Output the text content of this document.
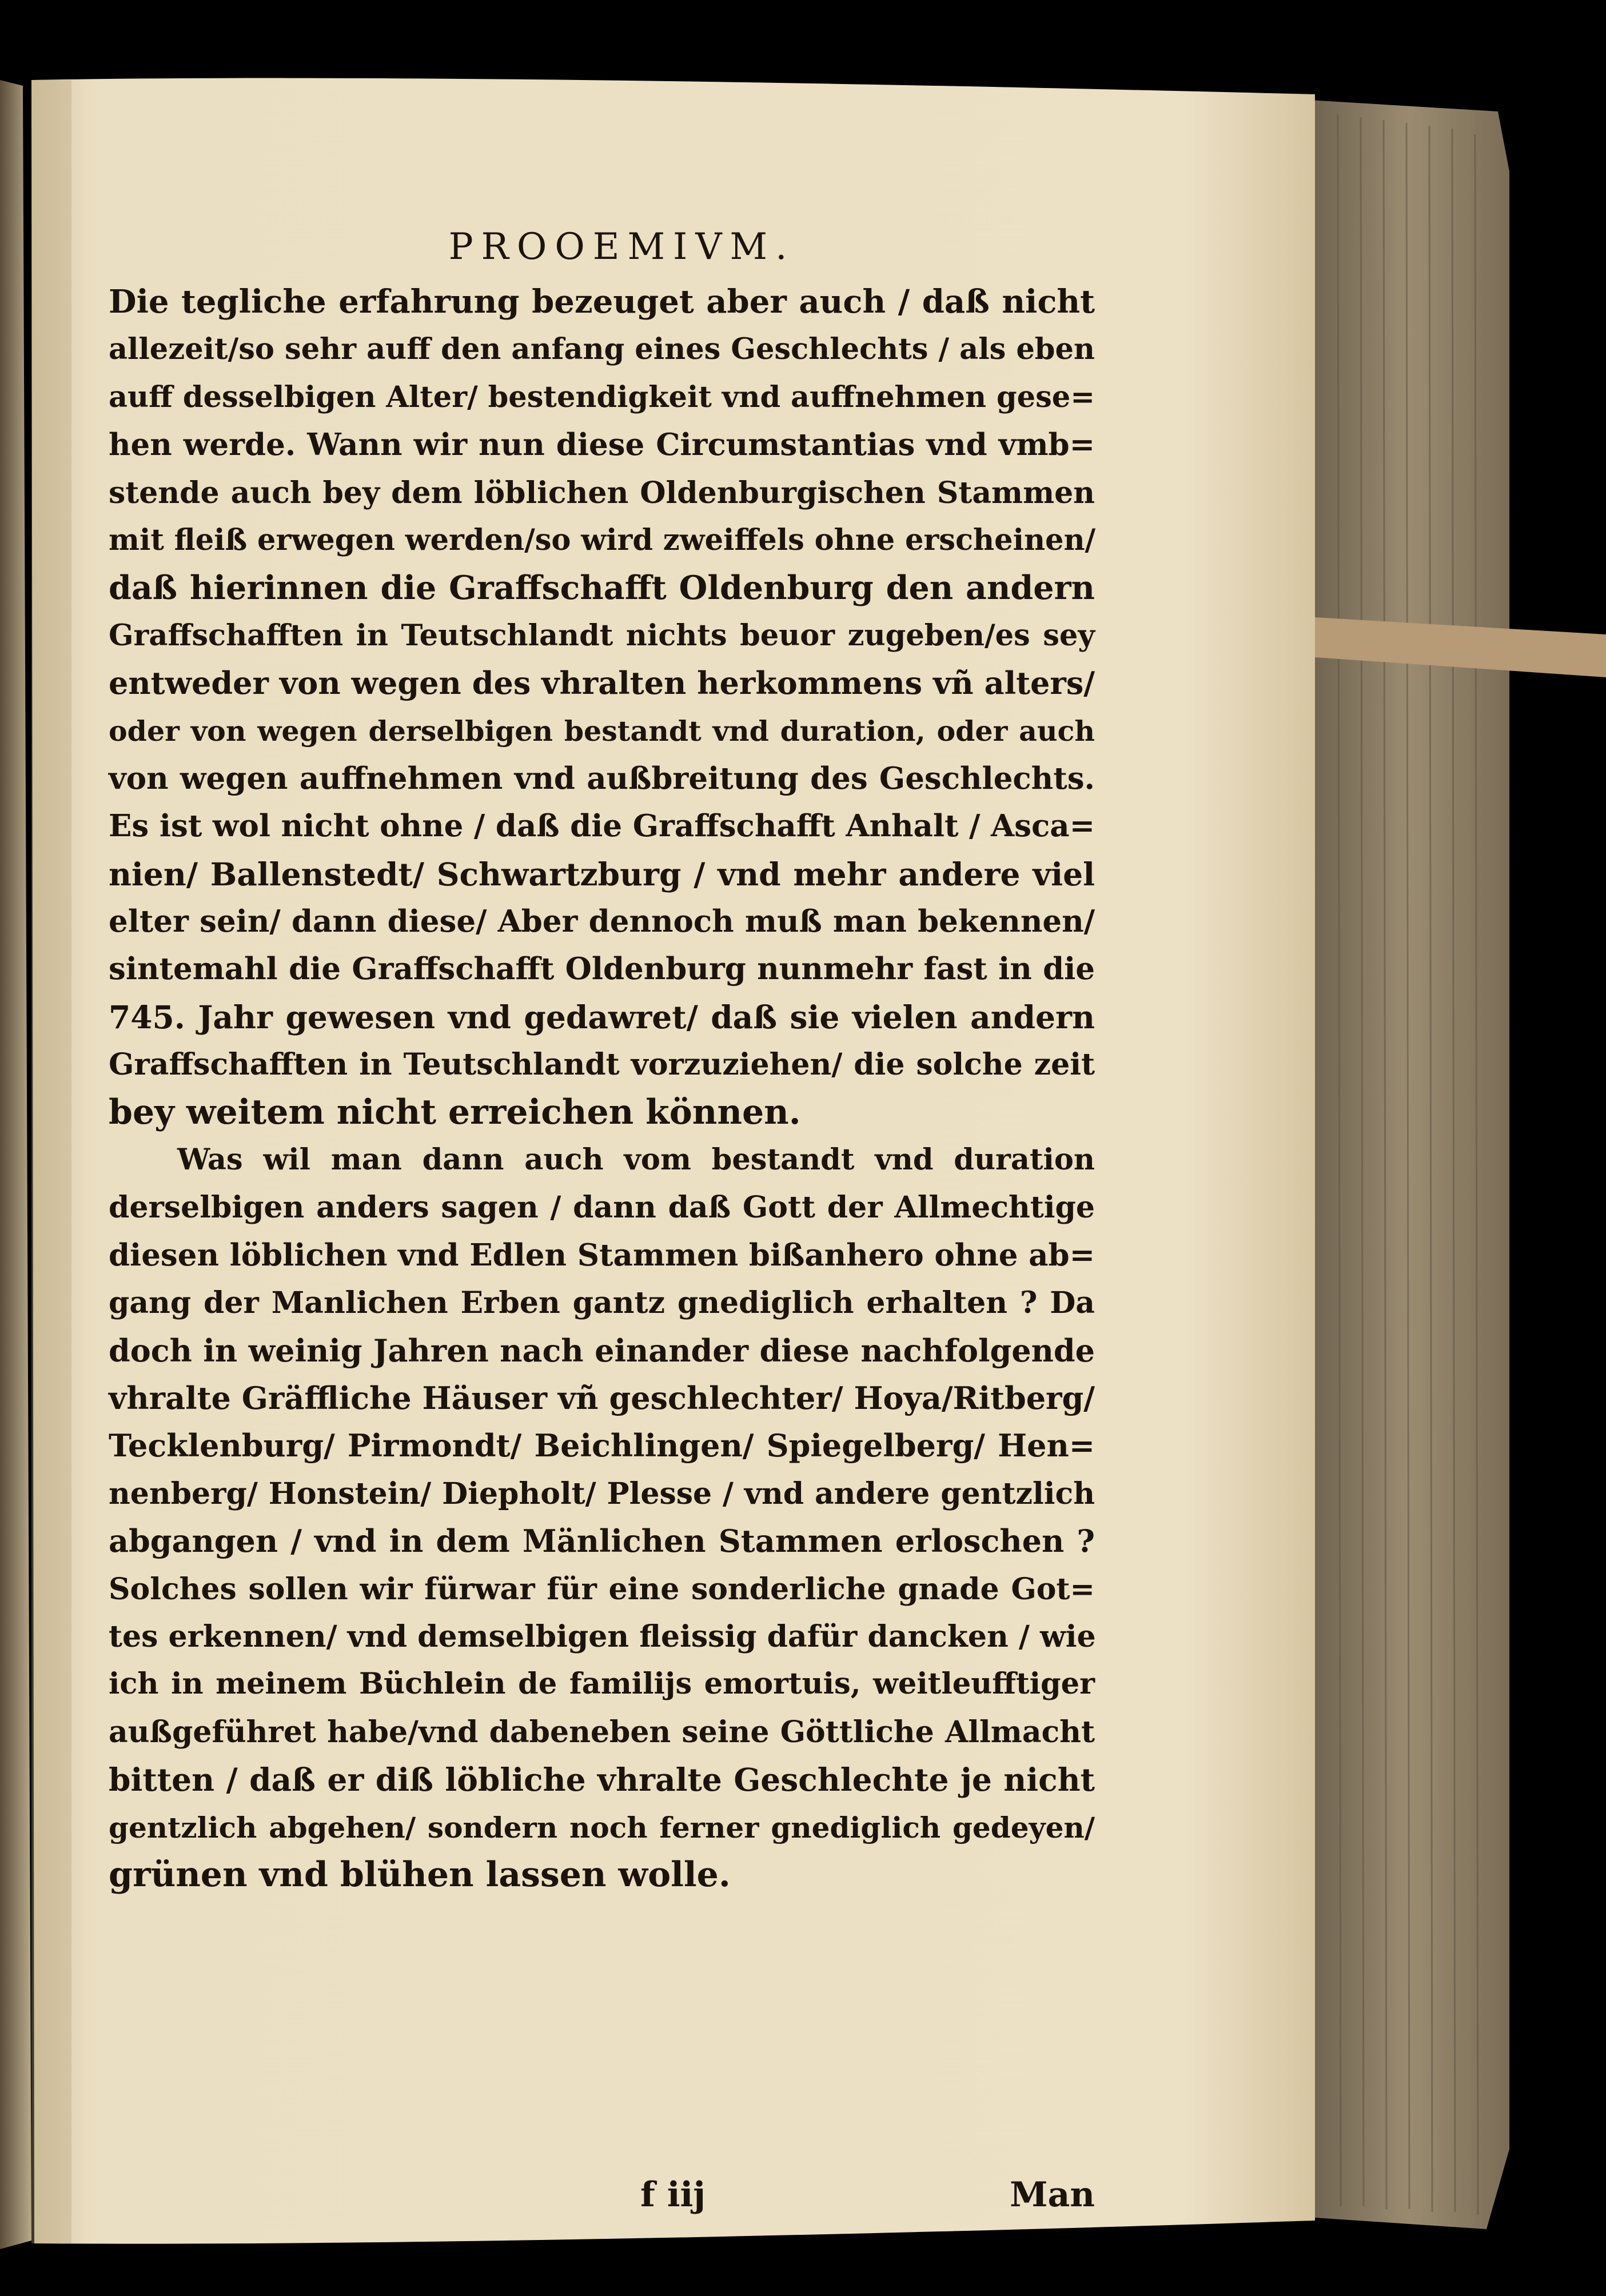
PROOEMIVM.
Die tegliche erfahrung bezeuget aber auch / daß nicht
allezeit/so sehr auff den anfang eines Geschlechts / als eben
auff desselbigen Alter/ bestendigkeit vnd auffnehmen gese=
hen werde. Wann wir nun diese Circumstantias vnd vmb=
stende auch bey dem löblichen Oldenburgischen Stammen
mit fleiß erwegen werden/so wird zweiffels ohne erscheinen/
daß hierinnen die Graffschafft Oldenburg den andern
Graffschafften in Teutschlandt nichts beuor zugeben/es sey
entweder von wegen des vhralten herkommens vñ alters/
oder von wegen derselbigen bestandt vnd duration, oder auch
von wegen auffnehmen vnd außbreitung des Geschlechts.
Es ist wol nicht ohne / daß die Graffschafft Anhalt / Asca=
nien/ Ballenstedt/ Schwartzburg / vnd mehr andere viel
elter sein/ dann diese/ Aber dennoch muß man bekennen/
sintemahl die Graffschafft Oldenburg nunmehr fast in die
745. Jahr gewesen vnd gedawret/ daß sie vielen andern
Graffschafften in Teutschlandt vorzuziehen/ die solche zeit
bey weitem nicht erreichen können.
Was wil man dann auch vom bestandt vnd duration
derselbigen anders sagen / dann daß Gott der Allmechtige
diesen löblichen vnd Edlen Stammen bißanhero ohne ab=
gang der Manlichen Erben gantz gnediglich erhalten ? Da
doch in weinig Jahren nach einander diese nachfolgende
vhralte Gräffliche Häuser vñ geschlechter/ Hoya/Ritberg/
Tecklenburg/ Pirmondt/ Beichlingen/ Spiegelberg/ Hen=
nenberg/ Honstein/ Diepholt/ Plesse / vnd andere gentzlich
abgangen / vnd in dem Mänlichen Stammen erloschen ?
Solches sollen wir fürwar für eine sonderliche gnade Got=
tes erkennen/ vnd demselbigen fleissig dafür dancken / wie
ich in meinem Büchlein de familijs emortuis, weitleufftiger
außgeführet habe/vnd dabeneben seine Göttliche Allmacht
bitten / daß er diß löbliche vhralte Geschlechte je nicht
gentzlich abgehen/ sondern noch ferner gnediglich gedeyen/
grünen vnd blühen lassen wolle.
f iij	Man
